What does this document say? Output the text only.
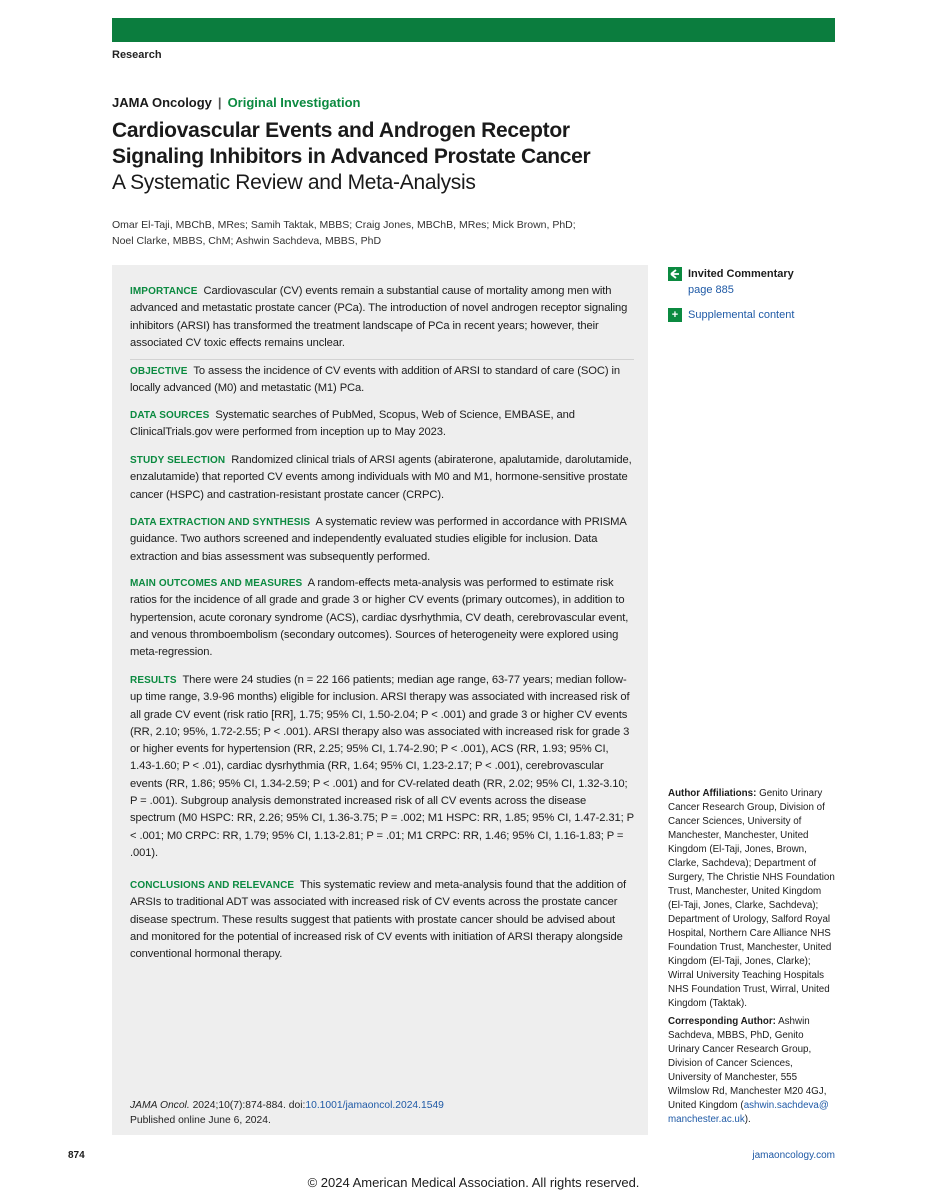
Research
JAMA Oncology | Original Investigation
Cardiovascular Events and Androgen Receptor
Signaling Inhibitors in Advanced Prostate Cancer
A Systematic Review and Meta-Analysis
Omar El-Taji, MBChB, MRes; Samih Taktak, MBBS; Craig Jones, MBChB, MRes; Mick Brown, PhD;
Noel Clarke, MBBS, ChM; Ashwin Sachdeva, MBBS, PhD
IMPORTANCE Cardiovascular (CV) events remain a substantial cause of mortality among men with advanced and metastatic prostate cancer (PCa). The introduction of novel androgen receptor signaling inhibitors (ARSI) has transformed the treatment landscape of PCa in recent years; however, their associated CV toxic effects remains unclear.
OBJECTIVE To assess the incidence of CV events with addition of ARSI to standard of care (SOC) in locally advanced (M0) and metastatic (M1) PCa.
DATA SOURCES Systematic searches of PubMed, Scopus, Web of Science, EMBASE, and ClinicalTrials.gov were performed from inception up to May 2023.
STUDY SELECTION Randomized clinical trials of ARSI agents (abiraterone, apalutamide, darolutamide, enzalutamide) that reported CV events among individuals with M0 and M1, hormone-sensitive prostate cancer (HSPC) and castration-resistant prostate cancer (CRPC).
DATA EXTRACTION AND SYNTHESIS A systematic review was performed in accordance with PRISMA guidance. Two authors screened and independently evaluated studies eligible for inclusion. Data extraction and bias assessment was subsequently performed.
MAIN OUTCOMES AND MEASURES A random-effects meta-analysis was performed to estimate risk ratios for the incidence of all grade and grade 3 or higher CV events (primary outcomes), in addition to hypertension, acute coronary syndrome (ACS), cardiac dysrhythmia, CV death, cerebrovascular event, and venous thromboembolism (secondary outcomes). Sources of heterogeneity were explored using meta-regression.
RESULTS There were 24 studies (n = 22 166 patients; median age range, 63-77 years; median follow-up time range, 3.9-96 months) eligible for inclusion. ARSI therapy was associated with increased risk of all grade CV event (risk ratio [RR], 1.75; 95% CI, 1.50-2.04; P < .001) and grade 3 or higher CV events (RR, 2.10; 95%, 1.72-2.55; P < .001). ARSI therapy also was associated with increased risk for grade 3 or higher events for hypertension (RR, 2.25; 95% CI, 1.74-2.90; P < .001), ACS (RR, 1.93; 95% CI, 1.43-1.60; P < .01), cardiac dysrhythmia (RR, 1.64; 95% CI, 1.23-2.17; P < .001), cerebrovascular events (RR, 1.86; 95% CI, 1.34-2.59; P < .001) and for CV-related death (RR, 2.02; 95% CI, 1.32-3.10; P = .001). Subgroup analysis demonstrated increased risk of all CV events across the disease spectrum (M0 HSPC: RR, 2.26; 95% CI, 1.36-3.75; P = .002; M1 HSPC: RR, 1.85; 95% CI, 1.47-2.31; P < .001; M0 CRPC: RR, 1.79; 95% CI, 1.13-2.81; P = .01; M1 CRPC: RR, 1.46; 95% CI, 1.16-1.83; P = .001).
CONCLUSIONS AND RELEVANCE This systematic review and meta-analysis found that the addition of ARSIs to traditional ADT was associated with increased risk of CV events across the prostate cancer disease spectrum. These results suggest that patients with prostate cancer should be advised about and monitored for the potential of increased risk of CV events with initiation of ARSI therapy alongside conventional hormonal therapy.
JAMA Oncol. 2024;10(7):874-884. doi:10.1001/jamaoncol.2024.1549
Published online June 6, 2024.
Invited Commentary
page 885
+ Supplemental content
Author Affiliations: Genito Urinary Cancer Research Group, Division of Cancer Sciences, University of Manchester, Manchester, United Kingdom (El-Taji, Jones, Brown, Clarke, Sachdeva); Department of Surgery, The Christie NHS Foundation Trust, Manchester, United Kingdom (El-Taji, Jones, Clarke, Sachdeva); Department of Urology, Salford Royal Hospital, Northern Care Alliance NHS Foundation Trust, Manchester, United Kingdom (El-Taji, Jones, Clarke); Wirral University Teaching Hospitals NHS Foundation Trust, Wirral, United Kingdom (Taktak).
Corresponding Author: Ashwin Sachdeva, MBBS, PhD, Genito Urinary Cancer Research Group, Division of Cancer Sciences, University of Manchester, 555 Wilmslow Rd, Manchester M20 4GJ, United Kingdom (ashwin.sachdeva@ manchester.ac.uk).
874	jamaoncology.com
© 2024 American Medical Association. All rights reserved.
